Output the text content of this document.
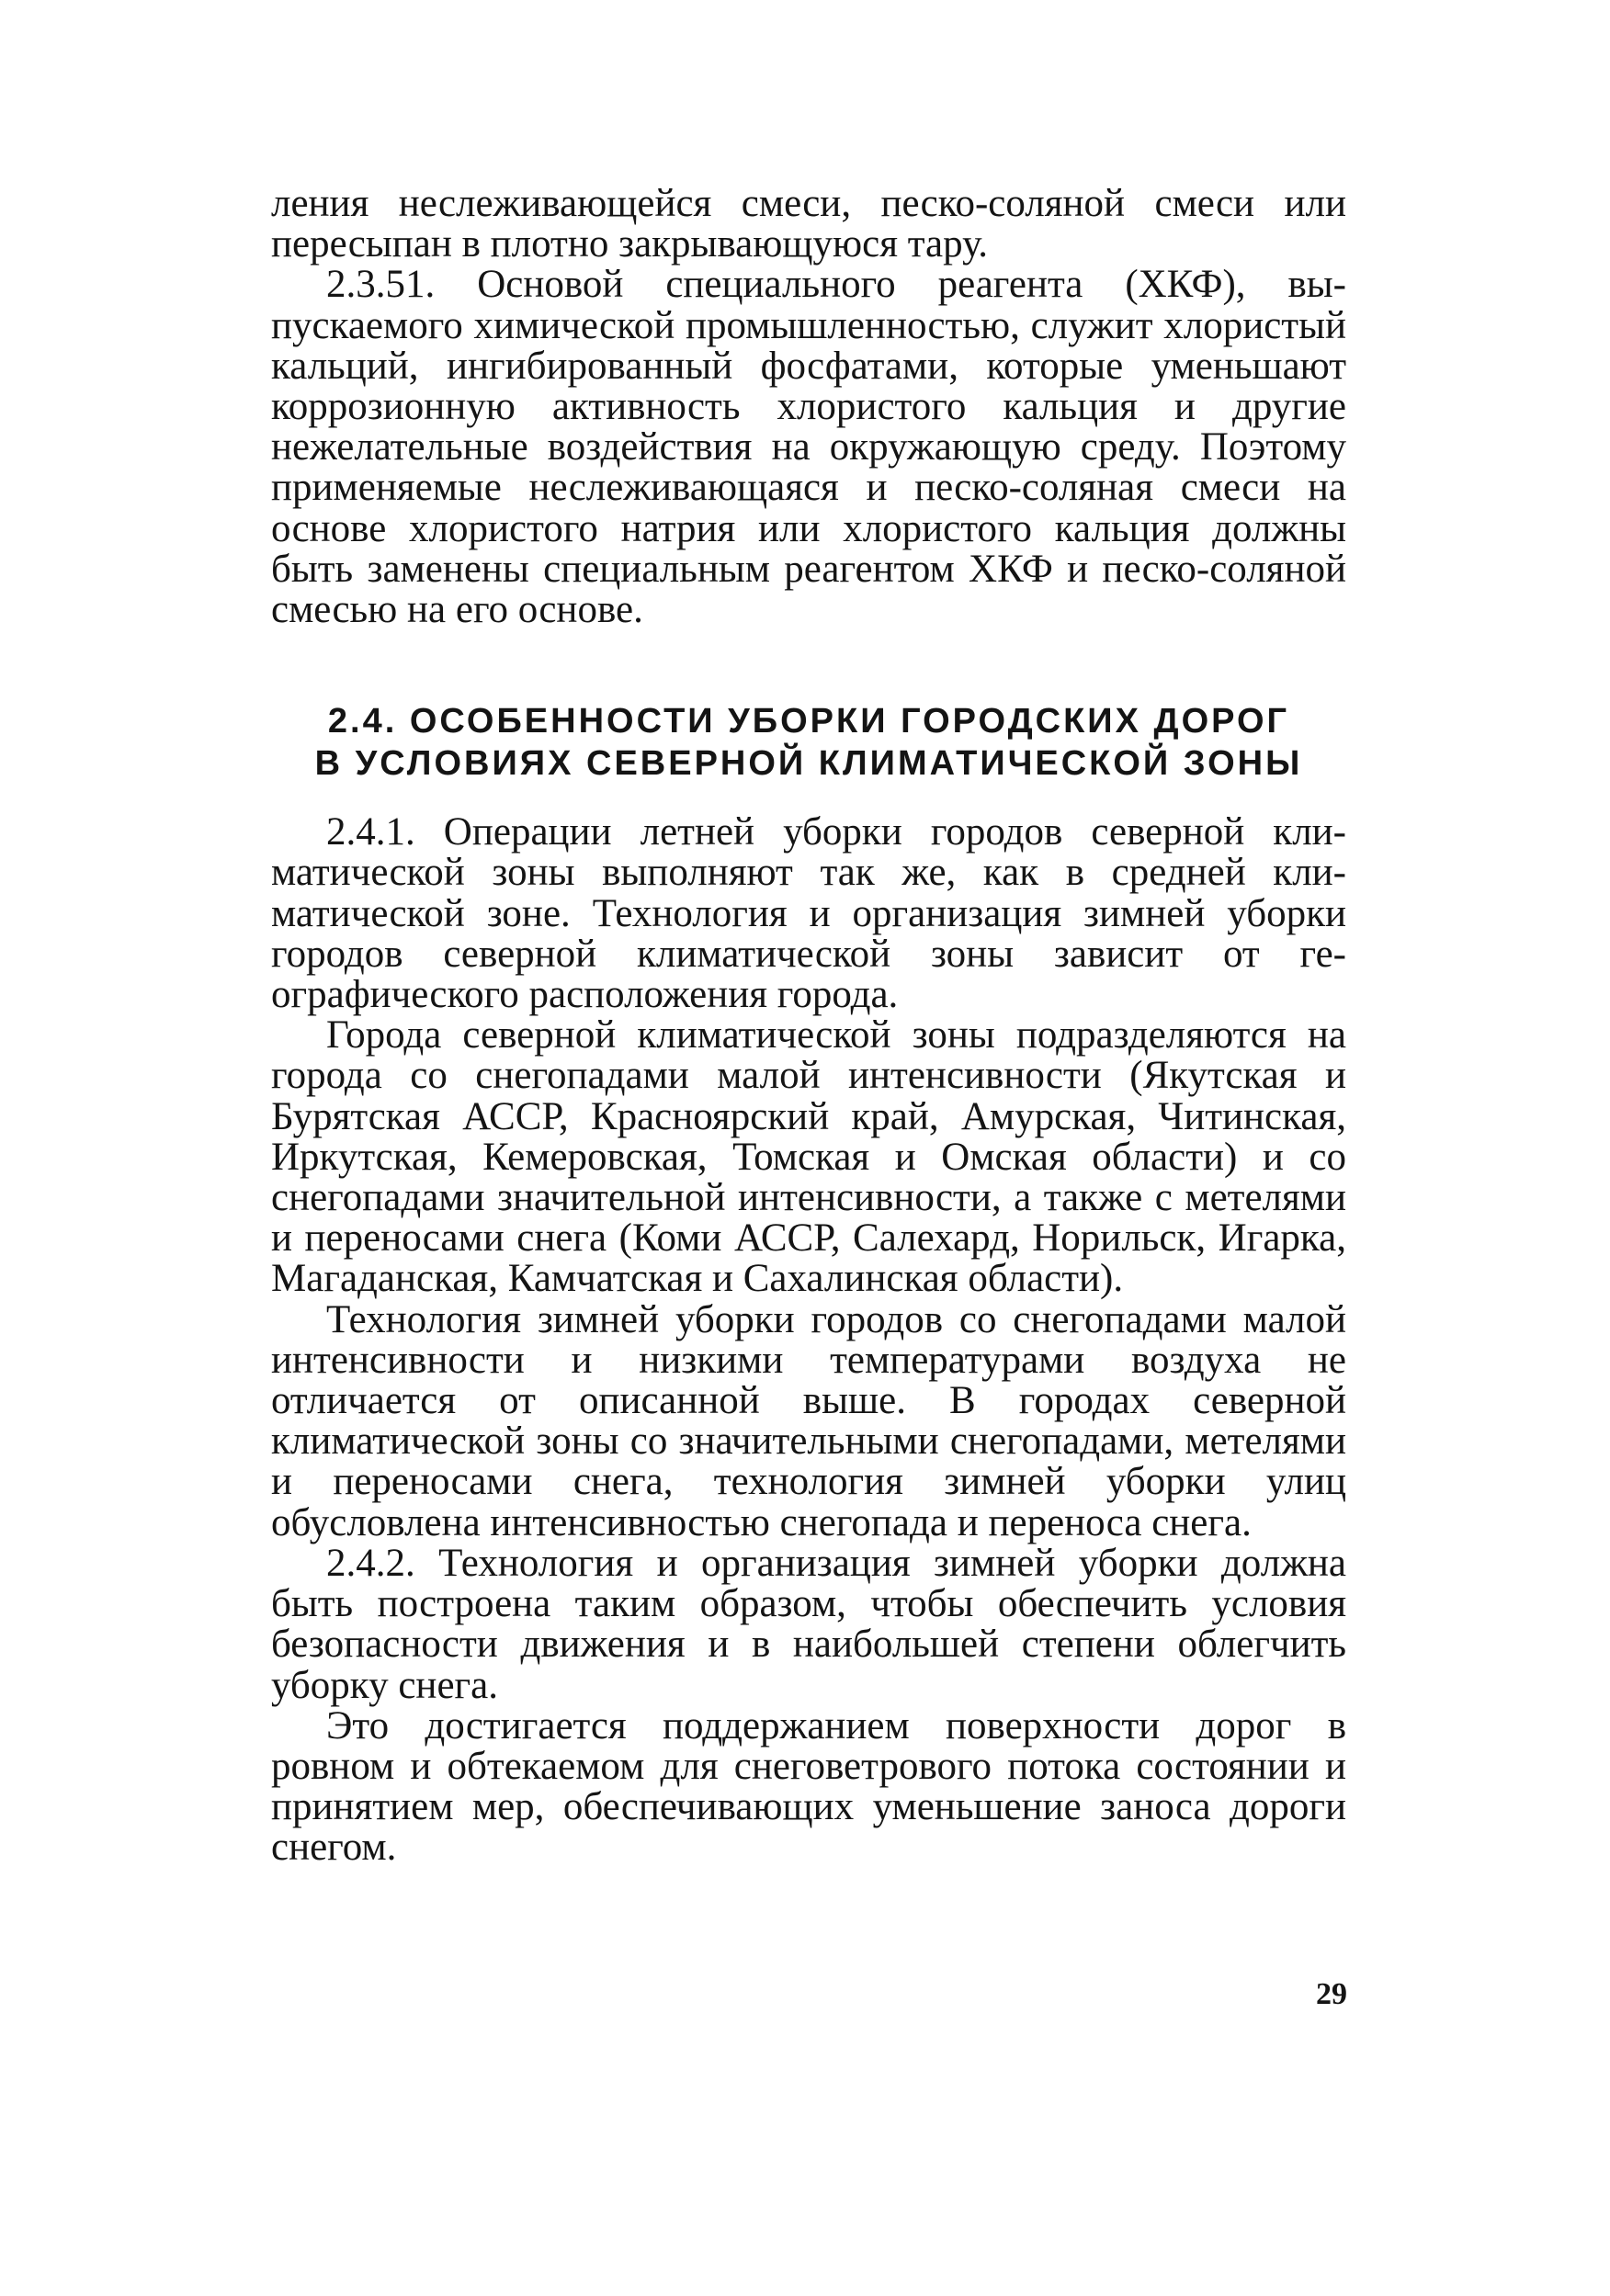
ления неслеживающейся смеси, песко-соляной смеси или пересыпан в плотно закрывающуюся тару.

2.3.51. Основой специального реагента (ХКФ), выпускаемого химической промышленностью, служит хлористый кальций, ингибированный фосфатами, которые уменьшают коррозионную активность хлористого кальция и другие нежелательные воздействия на окружающую среду. Поэтому применяемые неслеживающаяся и песко-соляная смеси на основе хлористого натрия или хлористого кальция должны быть заменены специальным реагентом ХКФ и песко-соляной смесью на его основе.

2.4. ОСОБЕННОСТИ УБОРКИ ГОРОДСКИХ ДОРОГ
В УСЛОВИЯХ СЕВЕРНОЙ КЛИМАТИЧЕСКОЙ ЗОНЫ

2.4.1. Операции летней уборки городов северной климатической зоны выполняют так же, как в средней климатической зоне. Технология и организация зимней уборки городов северной климатической зоны зависит от географического расположения города.

Города северной климатической зоны подразделяются на города со снегопадами малой интенсивности (Якутская и Бурятская АССР, Красноярский край, Амурская, Читинская, Иркутская, Кемеровская, Томская и Омская области) и со снегопадами значительной интенсивности, а также с метелями и переносами снега (Коми АССР, Салехард, Норильск, Игарка, Магаданская, Камчатская и Сахалинская области).

Технология зимней уборки городов со снегопадами малой интенсивности и низкими температурами воздуха не отличается от описанной выше. В городах северной климатической зоны со значительными снегопадами, метелями и переносами снега, технология зимней уборки улиц обусловлена интенсивностью снегопада и переноса снега.

2.4.2. Технология и организация зимней уборки должна быть построена таким образом, чтобы обеспечить условия безопасности движения и в наибольшей степени облегчить уборку снега.

Это достигается поддержанием поверхности дорог в ровном и обтекаемом для снеговетрового потока состоянии и принятием мер, обеспечивающих уменьшение заноса дороги снегом.

29
